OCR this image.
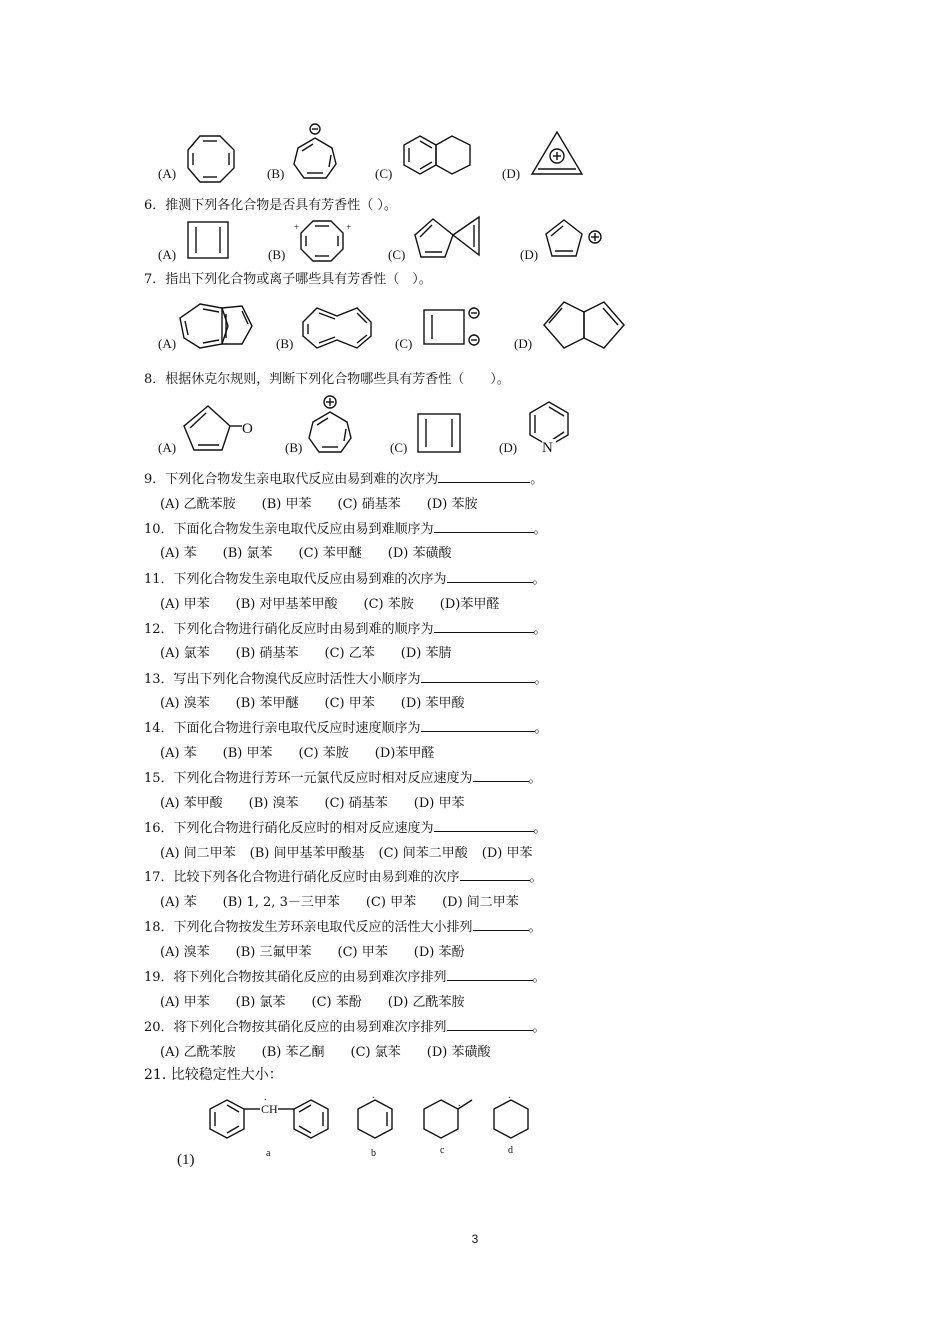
(A)	(B)	(C)	(D)
6．推测下列各化合物是否具有芳香性（ ）。
(A)	(B)
+	+
(C)	(D)
7．指出下列化合物或离子哪些具有芳香性（　）。
(A)	(B)	(C)	(D)
8．根据休克尔规则，判断下列化合物哪些具有芳香性（　　）。
(A)
O
(B)	(C)	(D) N
9．下列化合物发生亲电取代反应由易到难的次序为	。
(A) 乙酰苯胺 (B) 甲苯 (C) 硝基苯 (D) 苯胺
10．下面化合物发生亲电取代反应由易到难顺序为	。
(A) 苯 (B) 氯苯 (C) 苯甲醚 (D) 苯磺酸
11．下列化合物发生亲电取代反应由易到难的次序为	。
(A) 甲苯 (B) 对甲基苯甲酸 (C) 苯胺 (D)苯甲醛
12．下列化合物进行硝化反应时由易到难的顺序为	。
(A) 氯苯 (B) 硝基苯 (C) 乙苯 (D) 苯腈
13．写出下列化合物溴代反应时活性大小顺序为	。
(A) 溴苯 (B) 苯甲醚 (C) 甲苯 (D) 苯甲酸
14．下面化合物进行亲电取代反应时速度顺序为	。
(A) 苯 (B) 甲苯 (C) 苯胺 (D)苯甲醛
15．下列化合物进行芳环一元氯代反应时相对反应速度为	。
(A) 苯甲酸 (B) 溴苯 (C) 硝基苯 (D) 甲苯
16．下列化合物进行硝化反应时的相对反应速度为	。
(A) 间二甲苯 (B) 间甲基苯甲酸基 (C) 间苯二甲酸 (D) 甲苯
17．比较下列各化合物进行硝化反应时由易到难的次序	。
(A) 苯 (B) 1, 2, 3－三甲苯 (C) 甲苯 (D) 间二甲苯
18．下列化合物按发生芳环亲电取代反应的活性大小排列	。
(A) 溴苯 (B) 三氟甲苯 (C) 甲苯 (D) 苯酚
19．将下列化合物按其硝化反应的由易到难次序排列	。
(A) 甲苯 (B) 氯苯 (C) 苯酚 (D) 乙酰苯胺
20．将下列化合物按其硝化反应的由易到难次序排列	。
(A) 乙酰苯胺 (B) 苯乙酮 (C) 氯苯 (D) 苯磺酸
21. 比较稳定性大小：
(1)
CH
.
a
.
b
.
c
.
d
3
